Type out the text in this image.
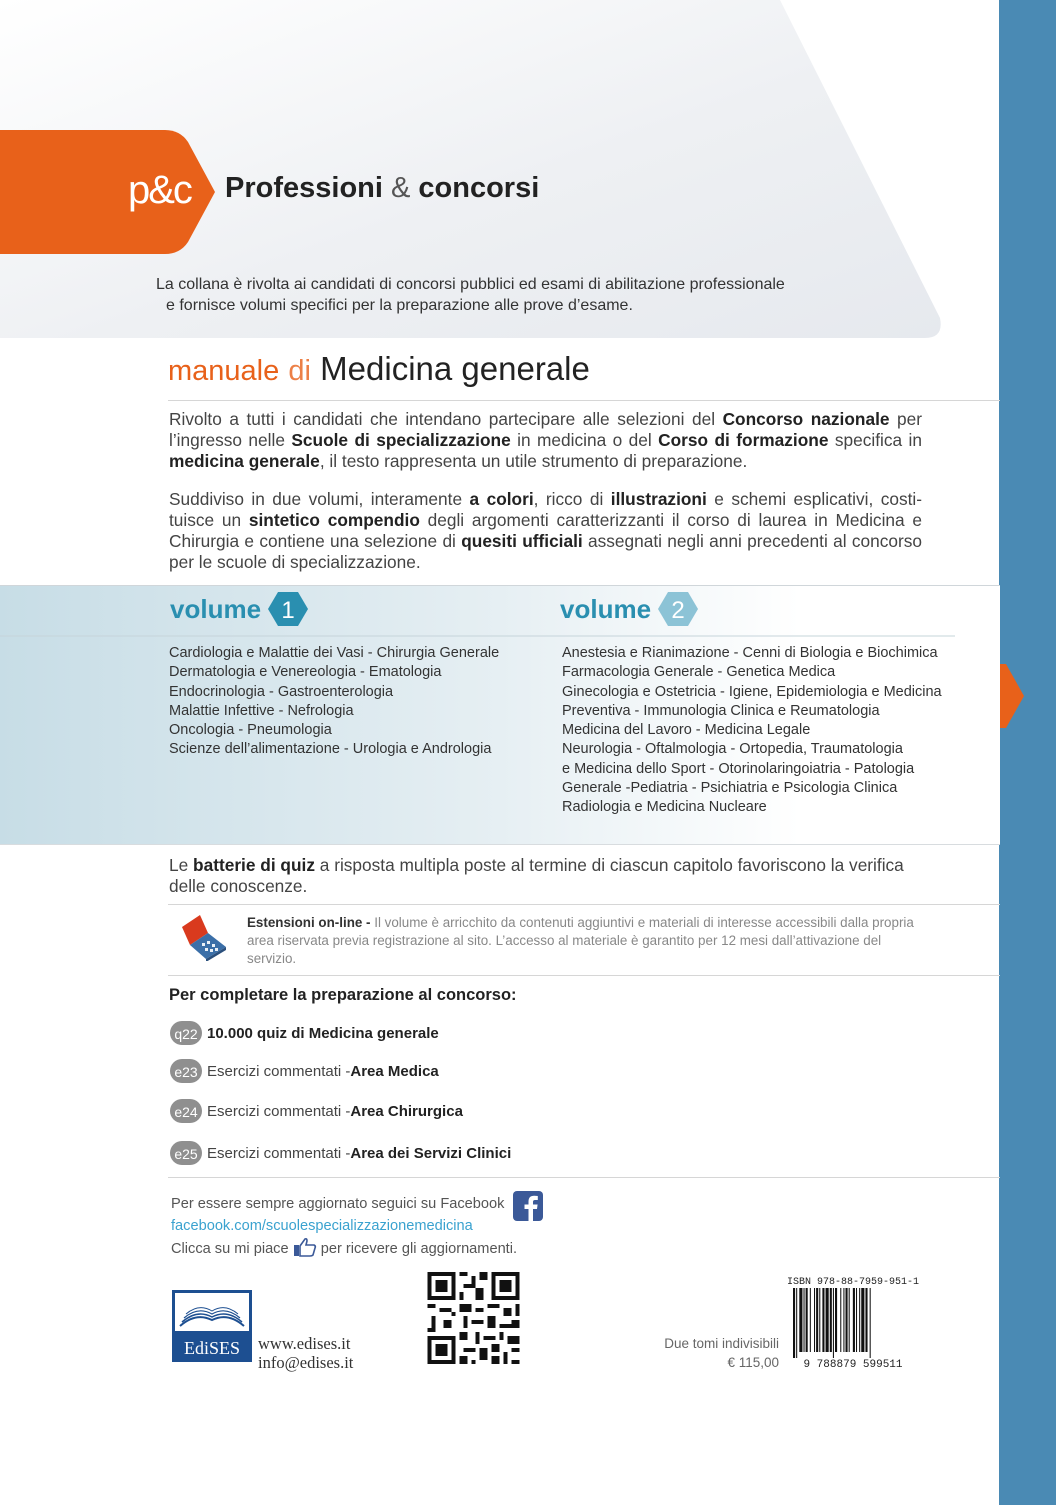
p&c Professioni & concorsi

La collana è rivolta ai candidati di concorsi pubblici ed esami di abilitazione professionale

e fornisce volumi specifici per la preparazione alle prove d’esame.

manuale di Medicina generale
Rivolto a tutti i candidati che intendano partecipare alle selezioni del Concorso nazionale per l’ingresso nelle Scuole di specializzazione in medicina o del Corso di formazione specifica in medicina generale, il testo rappresenta un utile strumento di preparazione.
Suddiviso in due volumi, interamente a colori, ricco di illustrazioni e schemi esplicativi, costi-tuisce un sintetico compendio degli argomenti caratterizzanti il corso di laurea in Medicina e Chirurgia e contiene una selezione di quesiti ufficiali assegnati negli anni precedenti al concorso per le scuole di specializzazione.
volume 1	volume 2
Cardiologia e Malattie dei Vasi - Chirurgia Generale
Dermatologia e Venereologia - Ematologia
Endocrinologia - Gastroenterologia
Malattie Infettive - Nefrologia
Oncologia - Pneumologia
Scienze dell’alimentazione - Urologia e Andrologia
Anestesia e Rianimazione - Cenni di Biologia e Biochimica
Farmacologia Generale - Genetica Medica
Ginecologia e Ostetricia - Igiene, Epidemiologia e Medicina
Preventiva - Immunologia Clinica e Reumatologia
Medicina del Lavoro - Medicina Legale
Neurologia - Oftalmologia - Ortopedia, Traumatologia
e Medicina dello Sport - Otorinolaringoiatria - Patologia
Generale -Pediatria - Psichiatria e Psicologia Clinica
Radiologia e Medicina Nucleare
Le batterie di quiz a risposta multipla poste al termine di ciascun capitolo favoriscono la verifica delle conoscenze.
Estensioni on-line - Il volume è arricchito da contenuti aggiuntivi e materiali di interesse accessibili dalla propria area riservata previa registrazione al sito. L’accesso al materiale è garantito per 12 mesi dall’attivazione del servizio.
Per completare la preparazione al concorso:
q22 10.000 quiz di Medicina generale
e23 Esercizi commentati - Area Medica
e24 Esercizi commentati - Area Chirurgica
e25 Esercizi commentati - Area dei Servizi Clinici
Per essere sempre aggiornato seguici su Facebook
facebook.com/scuolespecializzazionemedicina
Clicca su mi piace per ricevere gli aggiornamenti.
EdiSES www.edises.it
info@edises.it
Due tomi indivisibili
€ 115,00
ISBN 978-88-7959-951-1
9 788879 599511
